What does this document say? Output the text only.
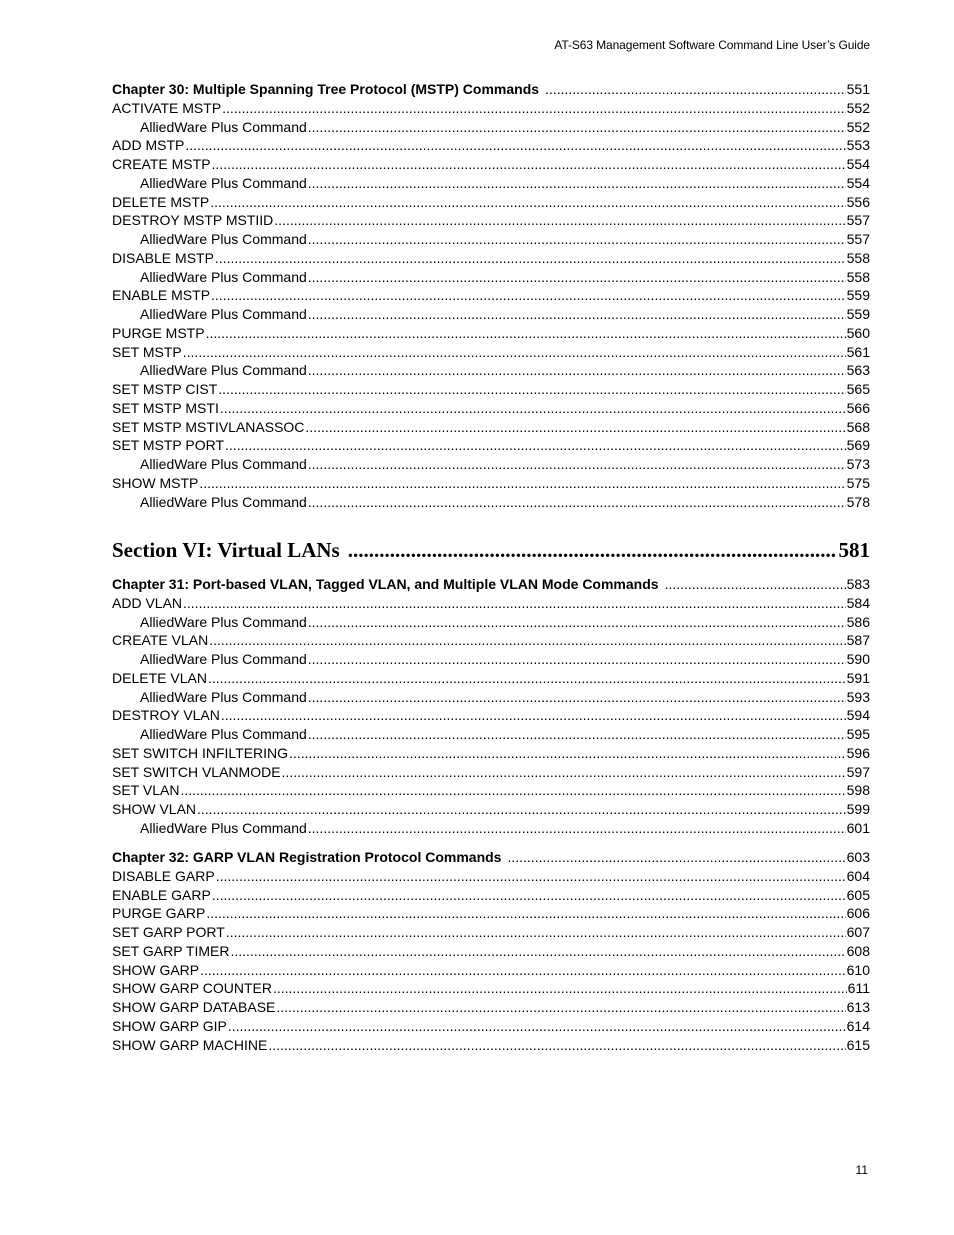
AT-S63 Management Software Command Line User’s Guide
Chapter 30: Multiple Spanning Tree Protocol (MSTP) Commands .....	551
ACTIVATE MSTP .....	552
AlliedWare Plus Command .....	552
ADD MSTP .....	553
CREATE MSTP .....	554
AlliedWare Plus Command .....	554
DELETE MSTP .....	556
DESTROY MSTP MSTIID .....	557
AlliedWare Plus Command .....	557
DISABLE MSTP .....	558
AlliedWare Plus Command .....	558
ENABLE MSTP .....	559
AlliedWare Plus Command .....	559
PURGE MSTP .....	560
SET MSTP .....	561
AlliedWare Plus Command .....	563
SET MSTP CIST .....	565
SET MSTP MSTI .....	566
SET MSTP MSTIVLANASSOC .....	568
SET MSTP PORT .....	569
AlliedWare Plus Command .....	573
SHOW MSTP .....	575
AlliedWare Plus Command .....	578
Section VI: Virtual LANs .....	581
Chapter 31: Port-based VLAN, Tagged VLAN, and Multiple VLAN Mode Commands .....	583
ADD VLAN .....	584
AlliedWare Plus Command .....	586
CREATE VLAN .....	587
AlliedWare Plus Command .....	590
DELETE VLAN .....	591
AlliedWare Plus Command .....	593
DESTROY VLAN .....	594
AlliedWare Plus Command .....	595
SET SWITCH INFILTERING .....	596
SET SWITCH VLANMODE .....	597
SET VLAN .....	598
SHOW VLAN .....	599
AlliedWare Plus Command .....	601
Chapter 32: GARP VLAN Registration Protocol Commands .....	603
DISABLE GARP .....	604
ENABLE GARP .....	605
PURGE GARP .....	606
SET GARP PORT .....	607
SET GARP TIMER .....	608
SHOW GARP .....	610
SHOW GARP COUNTER .....	611
SHOW GARP DATABASE .....	613
SHOW GARP GIP .....	614
SHOW GARP MACHINE .....	615
11
